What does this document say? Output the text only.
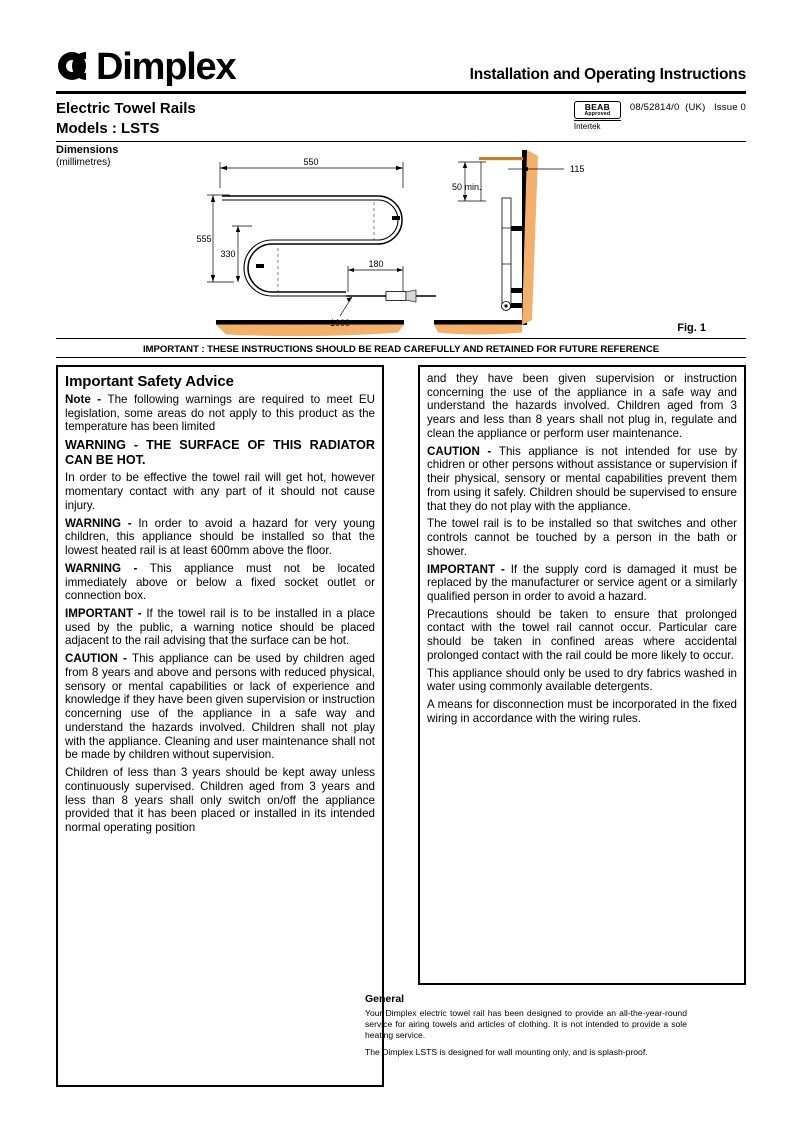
Dimplex	Installation and Operating Instructions
Electric Towel Rails
Models : LSTS
BEAB
Approved
Intertek
08/52814/0 (UK) Issue 0
Dimensions
(millimetres)	550
555
330
180
1000
115
50 min.
Fig. 1
IMPORTANT : THESE INSTRUCTIONS SHOULD BE READ CAREFULLY AND RETAINED FOR FUTURE REFERENCE
Important Safety Advice

Note - The following warnings are required to meet EU legislation, some areas do not apply to this product as the temperature has been limited

WARNING - THE SURFACE OF THIS RADIATOR CAN BE HOT.

In order to be effective the towel rail will get hot, however momentary contact with any part of it should not cause injury.

WARNING - In order to avoid a hazard for very young children, this appliance should be installed so that the lowest heated rail is at least 600mm above the floor.

WARNING - This appliance must not be located immediately above or below a fixed socket outlet or connection box.

IMPORTANT - If the towel rail is to be installed in a place used by the public, a warning notice should be placed adjacent to the rail advising that the surface can be hot.

CAUTION - This appliance can be used by children aged from 8 years and above and persons with reduced physical, sensory or mental capabilities or lack of experience and knowledge if they have been given supervision or instruction concerning use of the appliance in a safe way and understand the hazards involved. Children shall not play with the appliance. Cleaning and user maintenance shall not be made by children without supervision.

Children of less than 3 years should be kept away unless continuously supervised. Children aged from 3 years and less than 8 years shall only switch on/off the appliance provided that it has been placed or installed in its intended normal operating position

and they have been given supervision or instruction concerning the use of the appliance in a safe way and understand the hazards involved. Children aged from 3 years and less than 8 years shall not plug in, regulate and clean the appliance or perform user maintenance.

CAUTION - This appliance is not intended for use by chidren or other persons without assistance or supervision if their physical, sensory or mental capabilities prevent them from using it safely. Children should be supervised to ensure that they do not play with the appliance.

The towel rail is to be installed so that switches and other controls cannot be touched by a person in the bath or shower.

IMPORTANT - If the supply cord is damaged it must be replaced by the manufacturer or service agent or a similarly qualified person in order to avoid a hazard.

Precautions should be taken to ensure that prolonged contact with the towel rail cannot occur. Particular care should be taken in confined areas where accidental prolonged contact with the rail could be more likely to occur.

This appliance should only be used to dry fabrics washed in water using commonly available detergents.

A means for disconnection must be incorporated in the fixed wiring in accordance with the wiring rules.

General

Your Dimplex electric towel rail has been designed to provide an all-the-year-round service for airing towels and articles of clothing. It is not intended to provide a sole heating service.

The Dimplex LSTS is designed for wall mounting only, and is splash-proof.
